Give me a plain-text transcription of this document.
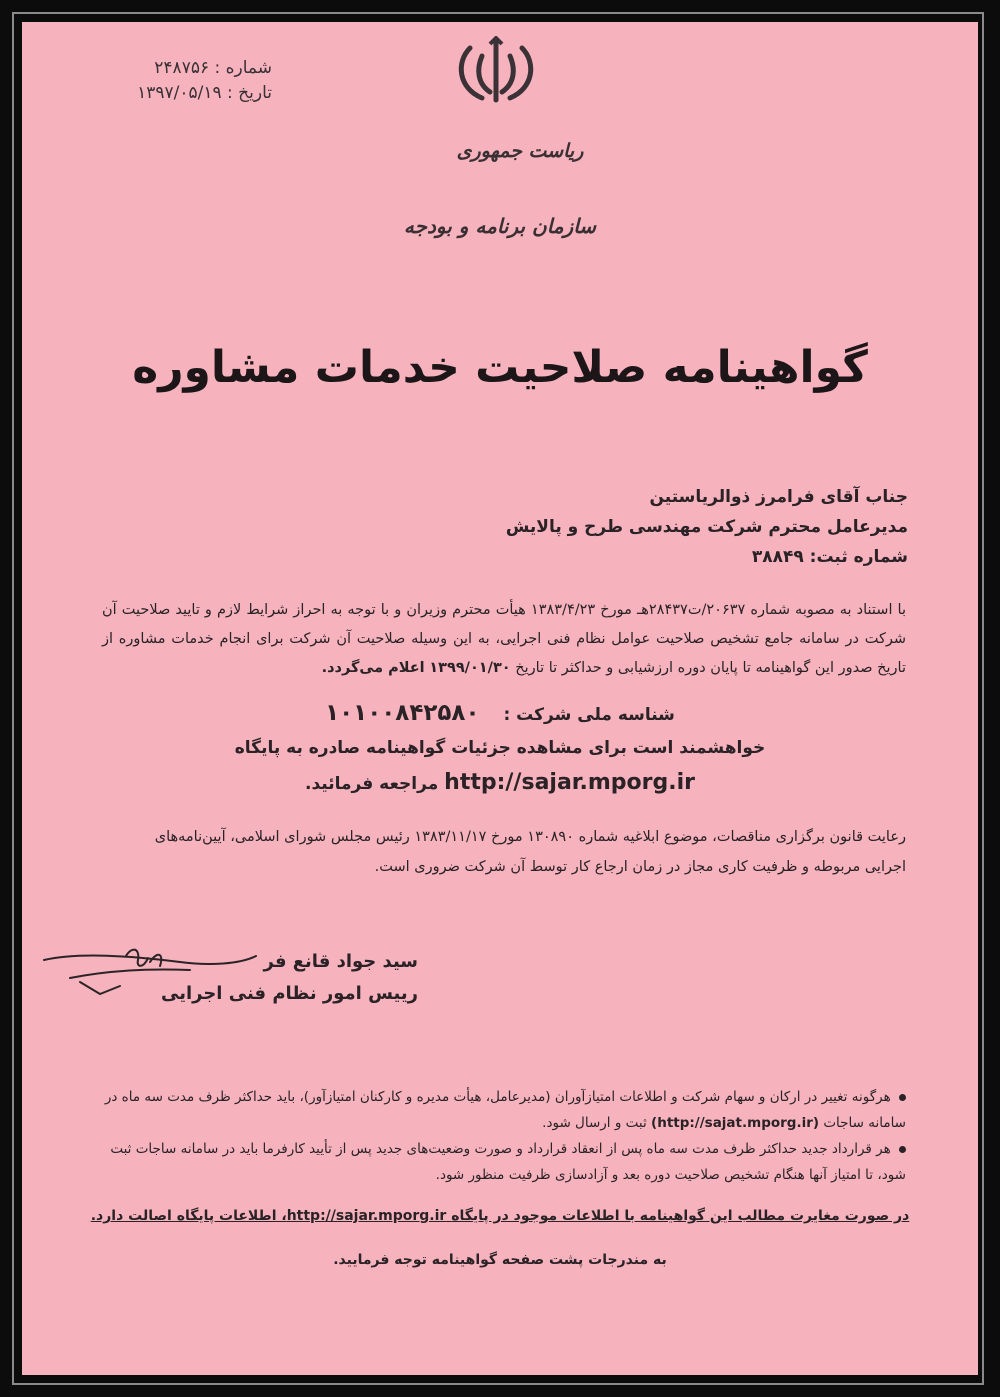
شماره : ۲۴۸۷۵۶
تاریخ : ۱۳۹۷/۰۵/۱۹
ریاست جمهوری
سازمان برنامه و بودجه
گواهینامه صلاحیت خدمات مشاوره
جناب آقای فرامرز ذوالریاستین
مدیرعامل محترم شرکت مهندسی طرح و پالایش
شماره ثبت: ۳۸۸۴۹
با استناد به مصوبه شماره ۲۰۶۳۷/ت۲۸۴۳۷هـ مورخ ۱۳۸۳/۴/۲۳ هیأت محترم وزیران و با توجه به احراز شرایط لازم و تایید صلاحیت آن شرکت در سامانه جامع تشخیص صلاحیت عوامل نظام فنی اجرایی، به این وسیله صلاحیت آن شرکت برای انجام خدمات مشاوره از تاریخ صدور این گواهینامه تا پایان دوره ارزشیابی و حداکثر تا تاریخ ۱۳۹۹/۰۱/۳۰ اعلام می‌گردد.
شناسه ملی شرکت : ۱۰۱۰۰۸۴۲۵۸۰
خواهشمند است برای مشاهده جزئیات گواهینامه صادره به پایگاه
http://sajar.mporg.ir مراجعه فرمائید.
رعایت قانون برگزاری مناقصات، موضوع ابلاغیه شماره ۱۳۰۸۹۰ مورخ ۱۳۸۳/۱۱/۱۷ رئیس مجلس شورای اسلامی، آیین‌نامه‌های اجرایی مربوطه و ظرفیت کاری مجاز در زمان ارجاع کار توسط آن شرکت ضروری است.
سید جواد قانع فر
رییس امور نظام فنی اجرایی
هرگونه تغییر در ارکان و سهام شرکت و اطلاعات امتیازآوران (مدیرعامل، هیأت مدیره و کارکنان امتیازآور)، باید حداکثر ظرف مدت سه ماه در سامانه ساجات (http://sajat.mporg.ir) ثبت و ارسال شود.
هر قرارداد جدید حداکثر ظرف مدت سه ماه پس از انعقاد قرارداد و صورت وضعیت‌های جدید پس از تأیید کارفرما باید در سامانه ساجات ثبت شود، تا امتیاز آنها هنگام تشخیص صلاحیت دوره بعد و آزادسازی ظرفیت منظور شود.
در صورت مغایرت مطالب این گواهینامه با اطلاعات موجود در پایگاه http://sajar.mporg.ir، اطلاعات پایگاه اصالت دارد.
به مندرجات پشت صفحه گواهینامه توجه فرمایید.
